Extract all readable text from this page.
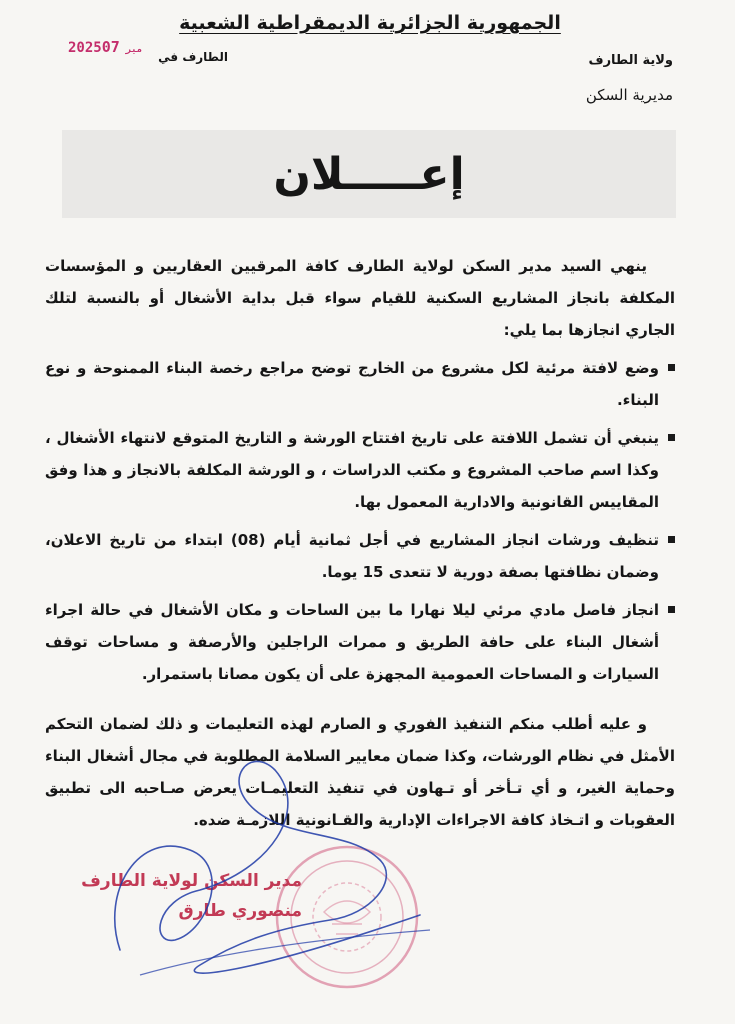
الجمهورية الجزائرية الديمقراطية الشعبية
ولاية الطارف
مديرية السكن
الطارف في
2025	مبر07
إعـــــلان

ينهي السيد مدير السكن لولاية الطارف كافة المرقيين العقاريين و المؤسسات المكلفة بانجاز المشاريع السكنية للقيام سواء قبل بداية الأشغال أو بالنسبة لتلك الجاري انجازها بما يلي:

وضع لافتة مرئية لكل مشروع من الخارج توضح مراجع رخصة البناء الممنوحة و نوع البناء.
ينبغي أن تشمل اللافتة على تاريخ افتتاح الورشة و التاريخ المتوقع لانتهاء الأشغال ، وكذا اسم صاحب المشروع و مكتب الدراسات ، و الورشة المكلفة بالانجاز و هذا وفق المقاييس القانونية والادارية المعمول بها.
تنظيف ورشات انجاز المشاريع في أجل ثمانية أيام (08) ابتداء من تاريخ الاعلان، وضمان نظافتها بصفة دورية لا تتعدى 15 يوما.
انجاز فاصل مادي مرئي ليلا نهارا ما بين الساحات و مكان الأشغال في حالة اجراء أشغال البناء على حافة الطريق و ممرات الراجلين والأرصفة و مساحات توقف السيارات و المساحات العمومية المجهزة على أن يكون مصانا باستمرار.

و عليه أطلب منكم التنفيذ الفوري و الصارم لهذه التعليمات و ذلك لضمان التحكم الأمثل في نظام الورشات، وكذا ضمان معايير السلامة المطلوبة في مجال أشغال البناء وحماية الغير، و أي تـأخر أو تـهاون في تنفيذ التعليمـات يعرض صـاحبه الى تطبيق العقوبات و اتـخاذ كافة الاجراءات الإدارية والقـانونية اللازمـة ضده.

مدير السكن لولاية الطارف
منصوري طارق
